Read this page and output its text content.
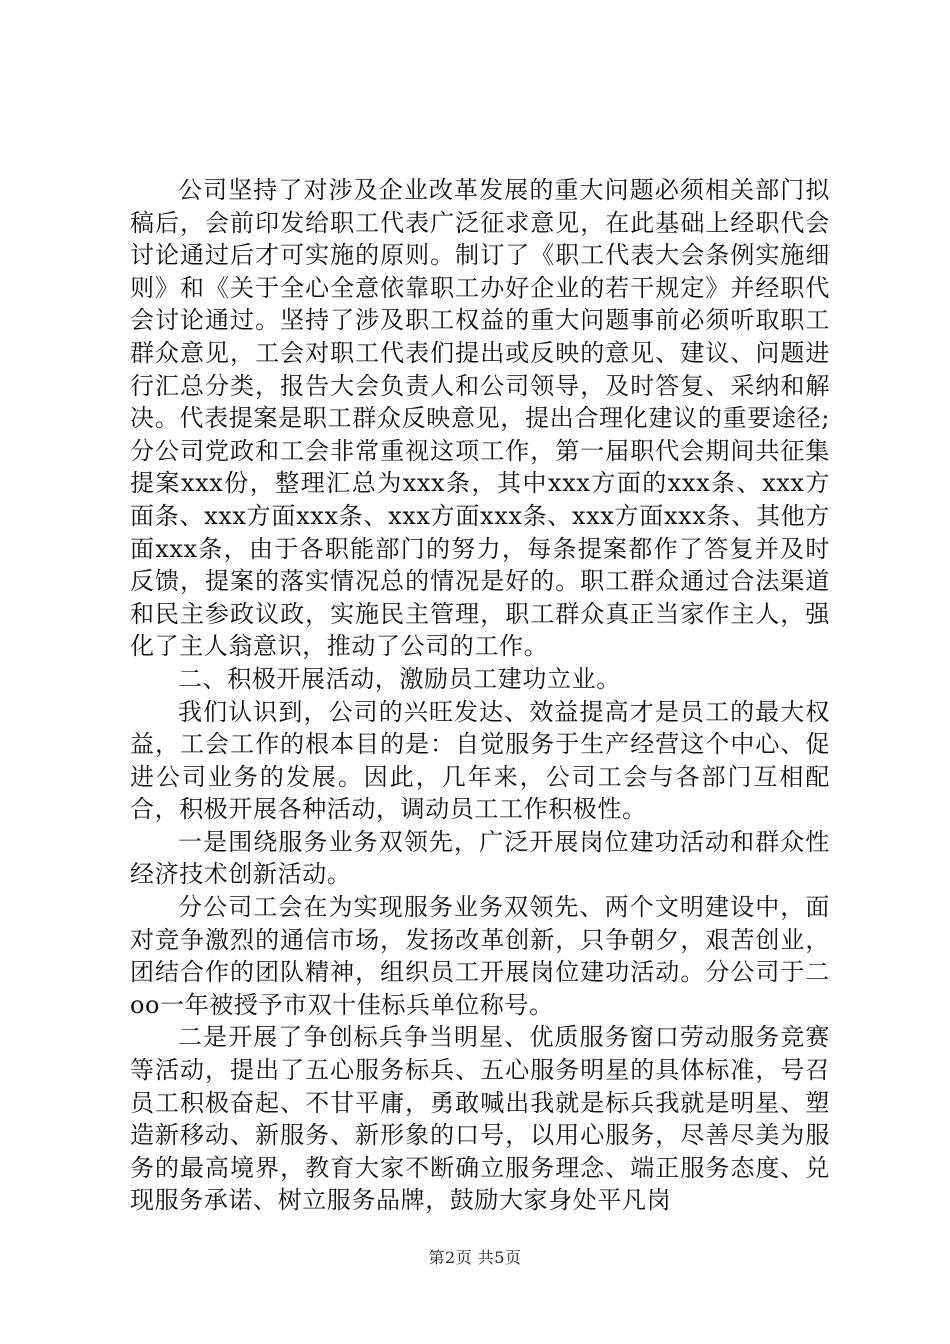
公司坚持了对涉及企业改革发展的重大问题必须相关部门拟稿后，会前印发给职工代表广泛征求意见，在此基础上经职代会讨论通过后才可实施的原则。制订了《职工代表大会条例实施细则》和《关于全心全意依靠职工办好企业的若干规定》并经职代会讨论通过。坚持了涉及职工权益的重大问题事前必须听取职工群众意见，工会对职工代表们提出或反映的意见、建议、问题进行汇总分类，报告大会负责人和公司领导，及时答复、采纳和解决。代表提案是职工群众反映意见，提出合理化建议的重要途径;分公司党政和工会非常重视这项工作，第一届职代会期间共征集提案xxx份，整理汇总为xxx条，其中xxx方面的xxx条、xxx方面条、xxx方面xxx条、xxx方面xxx条、xxx方面xxx条、其他方面xxx条，由于各职能部门的努力，每条提案都作了答复并及时反馈，提案的落实情况总的情况是好的。职工群众通过合法渠道和民主参政议政，实施民主管理，职工群众真正当家作主人，强化了主人翁意识，推动了公司的工作。

二、积极开展活动，激励员工建功立业。

我们认识到，公司的兴旺发达、效益提高才是员工的最大权益，工会工作的根本目的是：自觉服务于生产经营这个中心、促进公司业务的发展。因此，几年来，公司工会与各部门互相配合，积极开展各种活动，调动员工工作积极性。

一是围绕服务业务双领先，广泛开展岗位建功活动和群众性经济技术创新活动。

分公司工会在为实现服务业务双领先、两个文明建设中，面对竞争激烈的通信市场，发扬改革创新，只争朝夕，艰苦创业，团结合作的团队精神，组织员工开展岗位建功活动。分公司于二oo一年被授予市双十佳标兵单位称号。

二是开展了争创标兵争当明星、优质服务窗口劳动服务竞赛等活动，提出了五心服务标兵、五心服务明星的具体标准，号召员工积极奋起、不甘平庸，勇敢喊出我就是标兵我就是明星、塑造新移动、新服务、新形象的口号，以用心服务，尽善尽美为服务的最高境界，教育大家不断确立服务理念、端正服务态度、兑现服务承诺、树立服务品牌，鼓励大家身处平凡岗

第2页 共5页
